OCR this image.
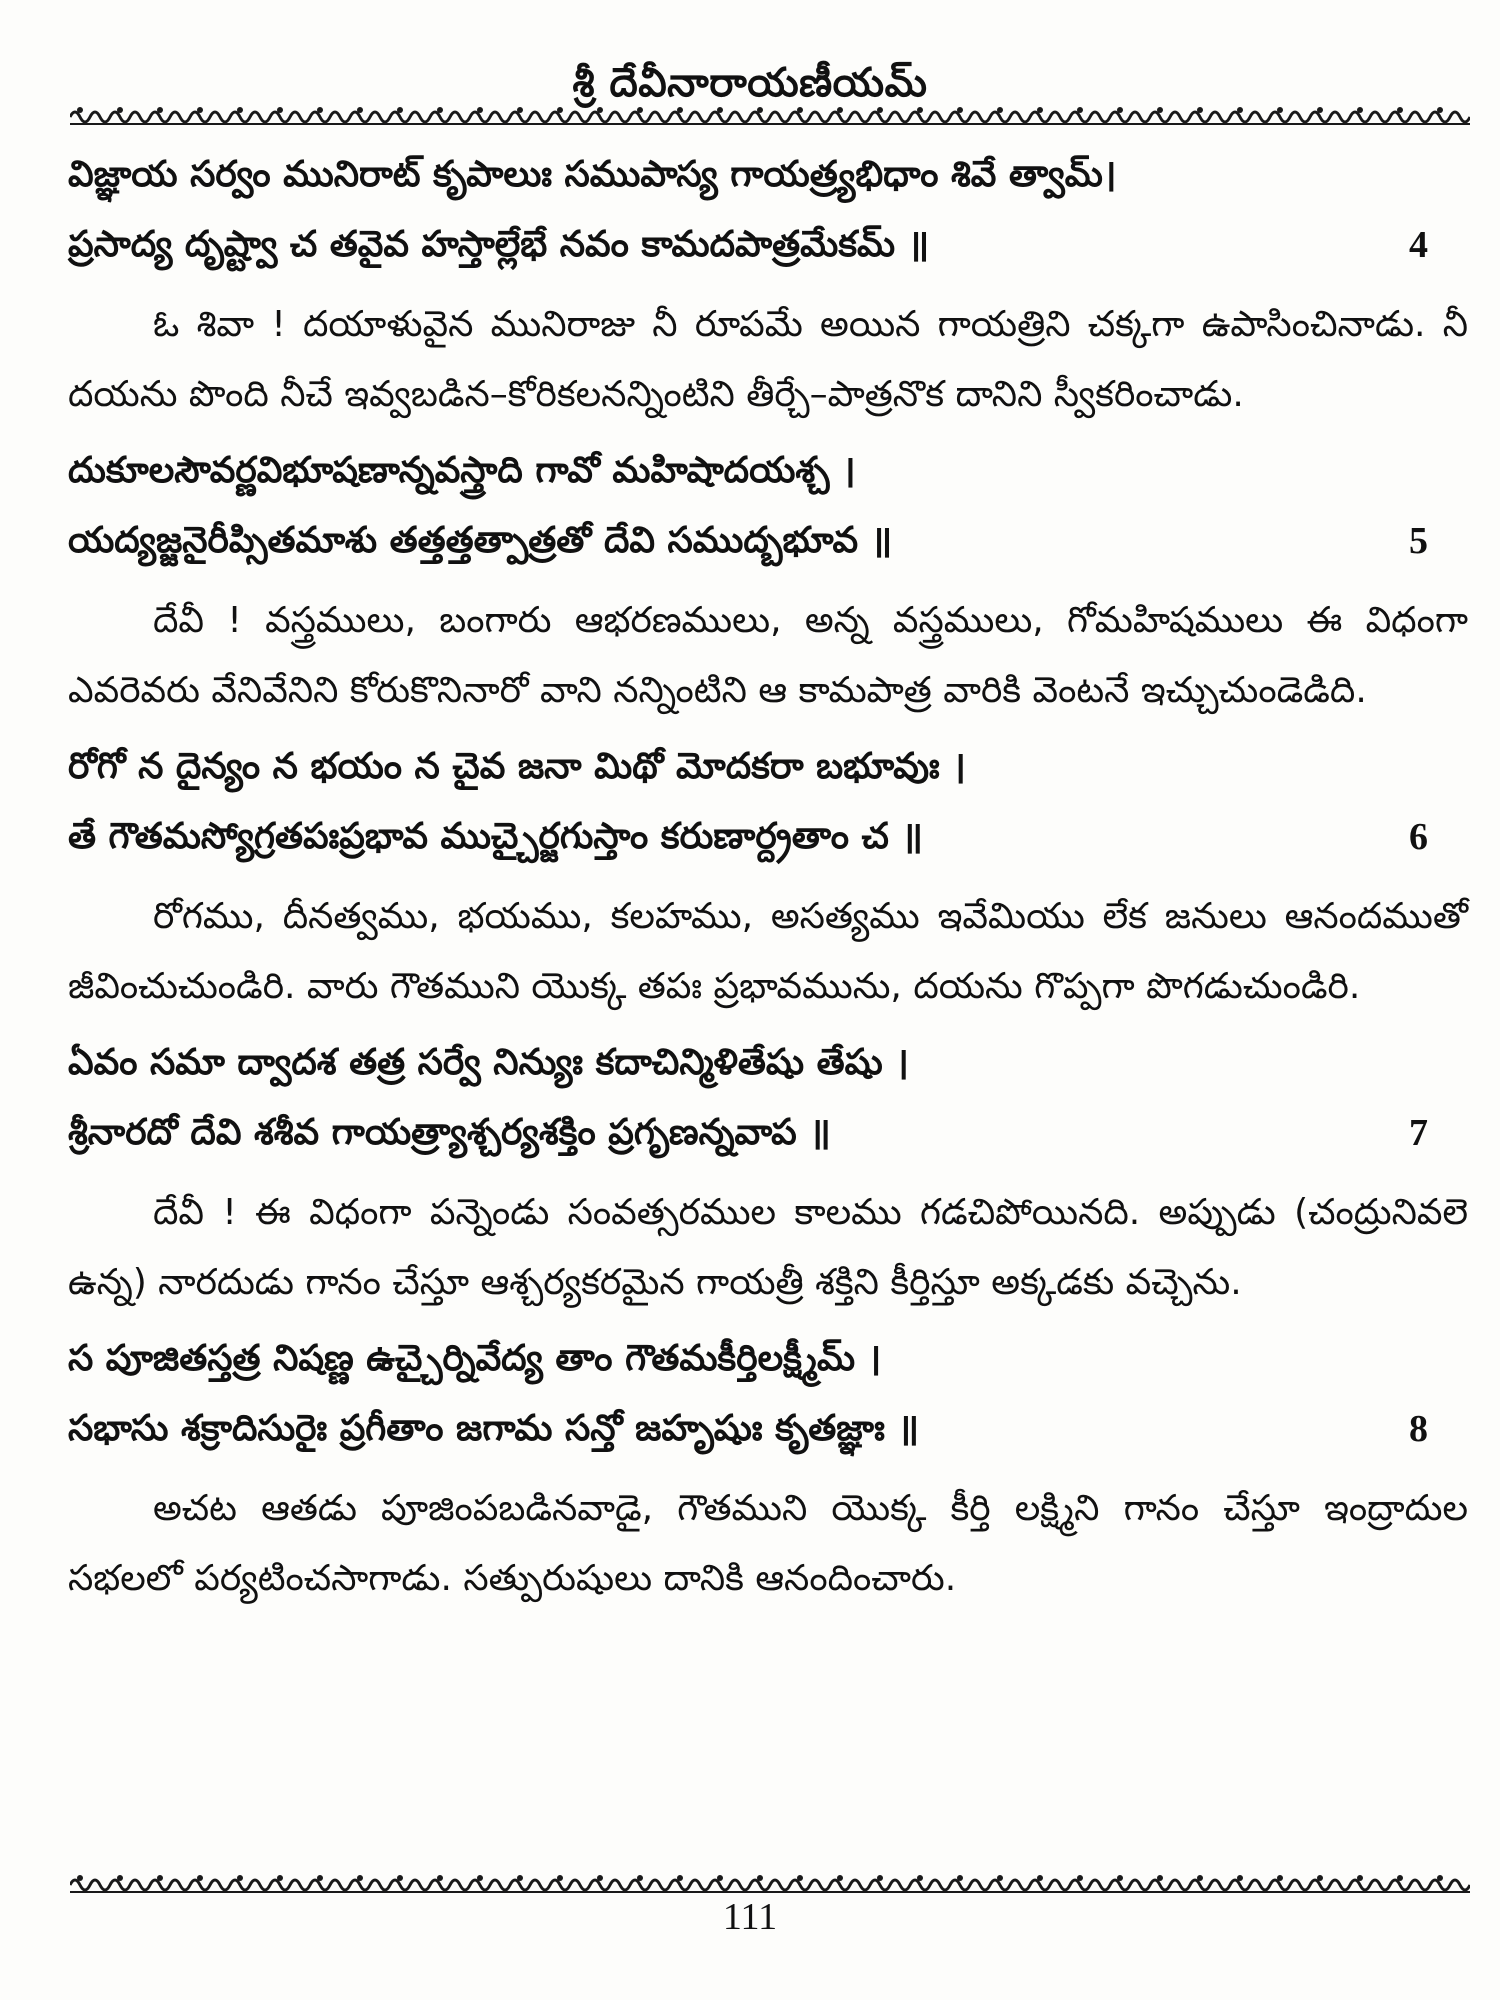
శ్రీ దేవీనారాయణీయమ్
విజ్ఞాయ సర్వం మునిరాట్ కృపాలుః సముపాస్య గాయత్ర్యభిధాం శివే త్వామ్।
ప్రసాద్య దృష్ట్వా చ తవైవ హస్తాల్లేభే నవం కామదపాత్రమేకమ్ ॥	4
ఓ శివా ! దయాళువైన మునిరాజు నీ రూపమే అయిన గాయత్రిని చక్కగా ఉపాసించినాడు. నీ దయను పొంది నీచే ఇవ్వబడిన–కోరికలనన్నింటిని తీర్చే–పాత్రనొక దానిని స్వీకరించాడు.
దుకూలసౌవర్ణవిభూషణాన్నవస్త్రాది గావో మహిషాదయశ్చ ।
యద్యజ్జనైరీప్సితమాశు తత్తత్తత్పాత్రతో దేవి సముద్బభూవ ॥	5
దేవీ ! వస్త్రములు, బంగారు ఆభరణములు, అన్న వస్త్రములు, గోమహిషములు ఈ విధంగా ఎవరెవరు వేనివేనిని కోరుకొనినారో వాని నన్నింటిని ఆ కామపాత్ర వారికి వెంటనే ఇచ్చుచుండెడిది.
రోగో న దైన్యం న భయం న చైవ జనా మిథో మోదకరా బభూవుః ।
తే గౌతమస్యోగ్రతపఃప్రభావ ముచ్చైర్జగుస్తాం కరుణార్ద్రతాం చ ॥	6
రోగము, దీనత్వము, భయము, కలహము, అసత్యము ఇవేమియు లేక జనులు ఆనందముతో జీవించుచుండిరి. వారు గౌతముని యొక్క తపః ప్రభావమును, దయను గొప్పగా పొగడుచుండిరి.
ఏవం సమా ద్వాదశ తత్ర సర్వే నిన్యుః కదాచిన్మిళితేషు తేషు ।
శ్రీనారదో దేవి శశీవ గాయత్ర్యాశ్చర్యశక్తిం ప్రగృణన్నవాప ॥	7
దేవీ ! ఈ విధంగా పన్నెండు సంవత్సరముల కాలము గడచిపోయినది. అప్పుడు (చంద్రునివలె ఉన్న) నారదుడు గానం చేస్తూ ఆశ్చర్యకరమైన గాయత్రీ శక్తిని కీర్తిస్తూ అక్కడకు వచ్చెను.
స పూజితస్తత్ర నిషణ్ణ ఉచ్చైర్నివేద్య తాం గౌతమకీర్తిలక్ష్మీమ్ ।
సభాసు శక్రాదిసురైః ప్రగీతాం జగామ సన్తో జహృషుః కృతజ్ఞాః ॥	8
అచట ఆతడు పూజింపబడినవాడై, గౌతముని యొక్క కీర్తి లక్ష్మిని గానం చేస్తూ ఇంద్రాదుల సభలలో పర్యటించసాగాడు. సత్పురుషులు దానికి ఆనందించారు.
111
